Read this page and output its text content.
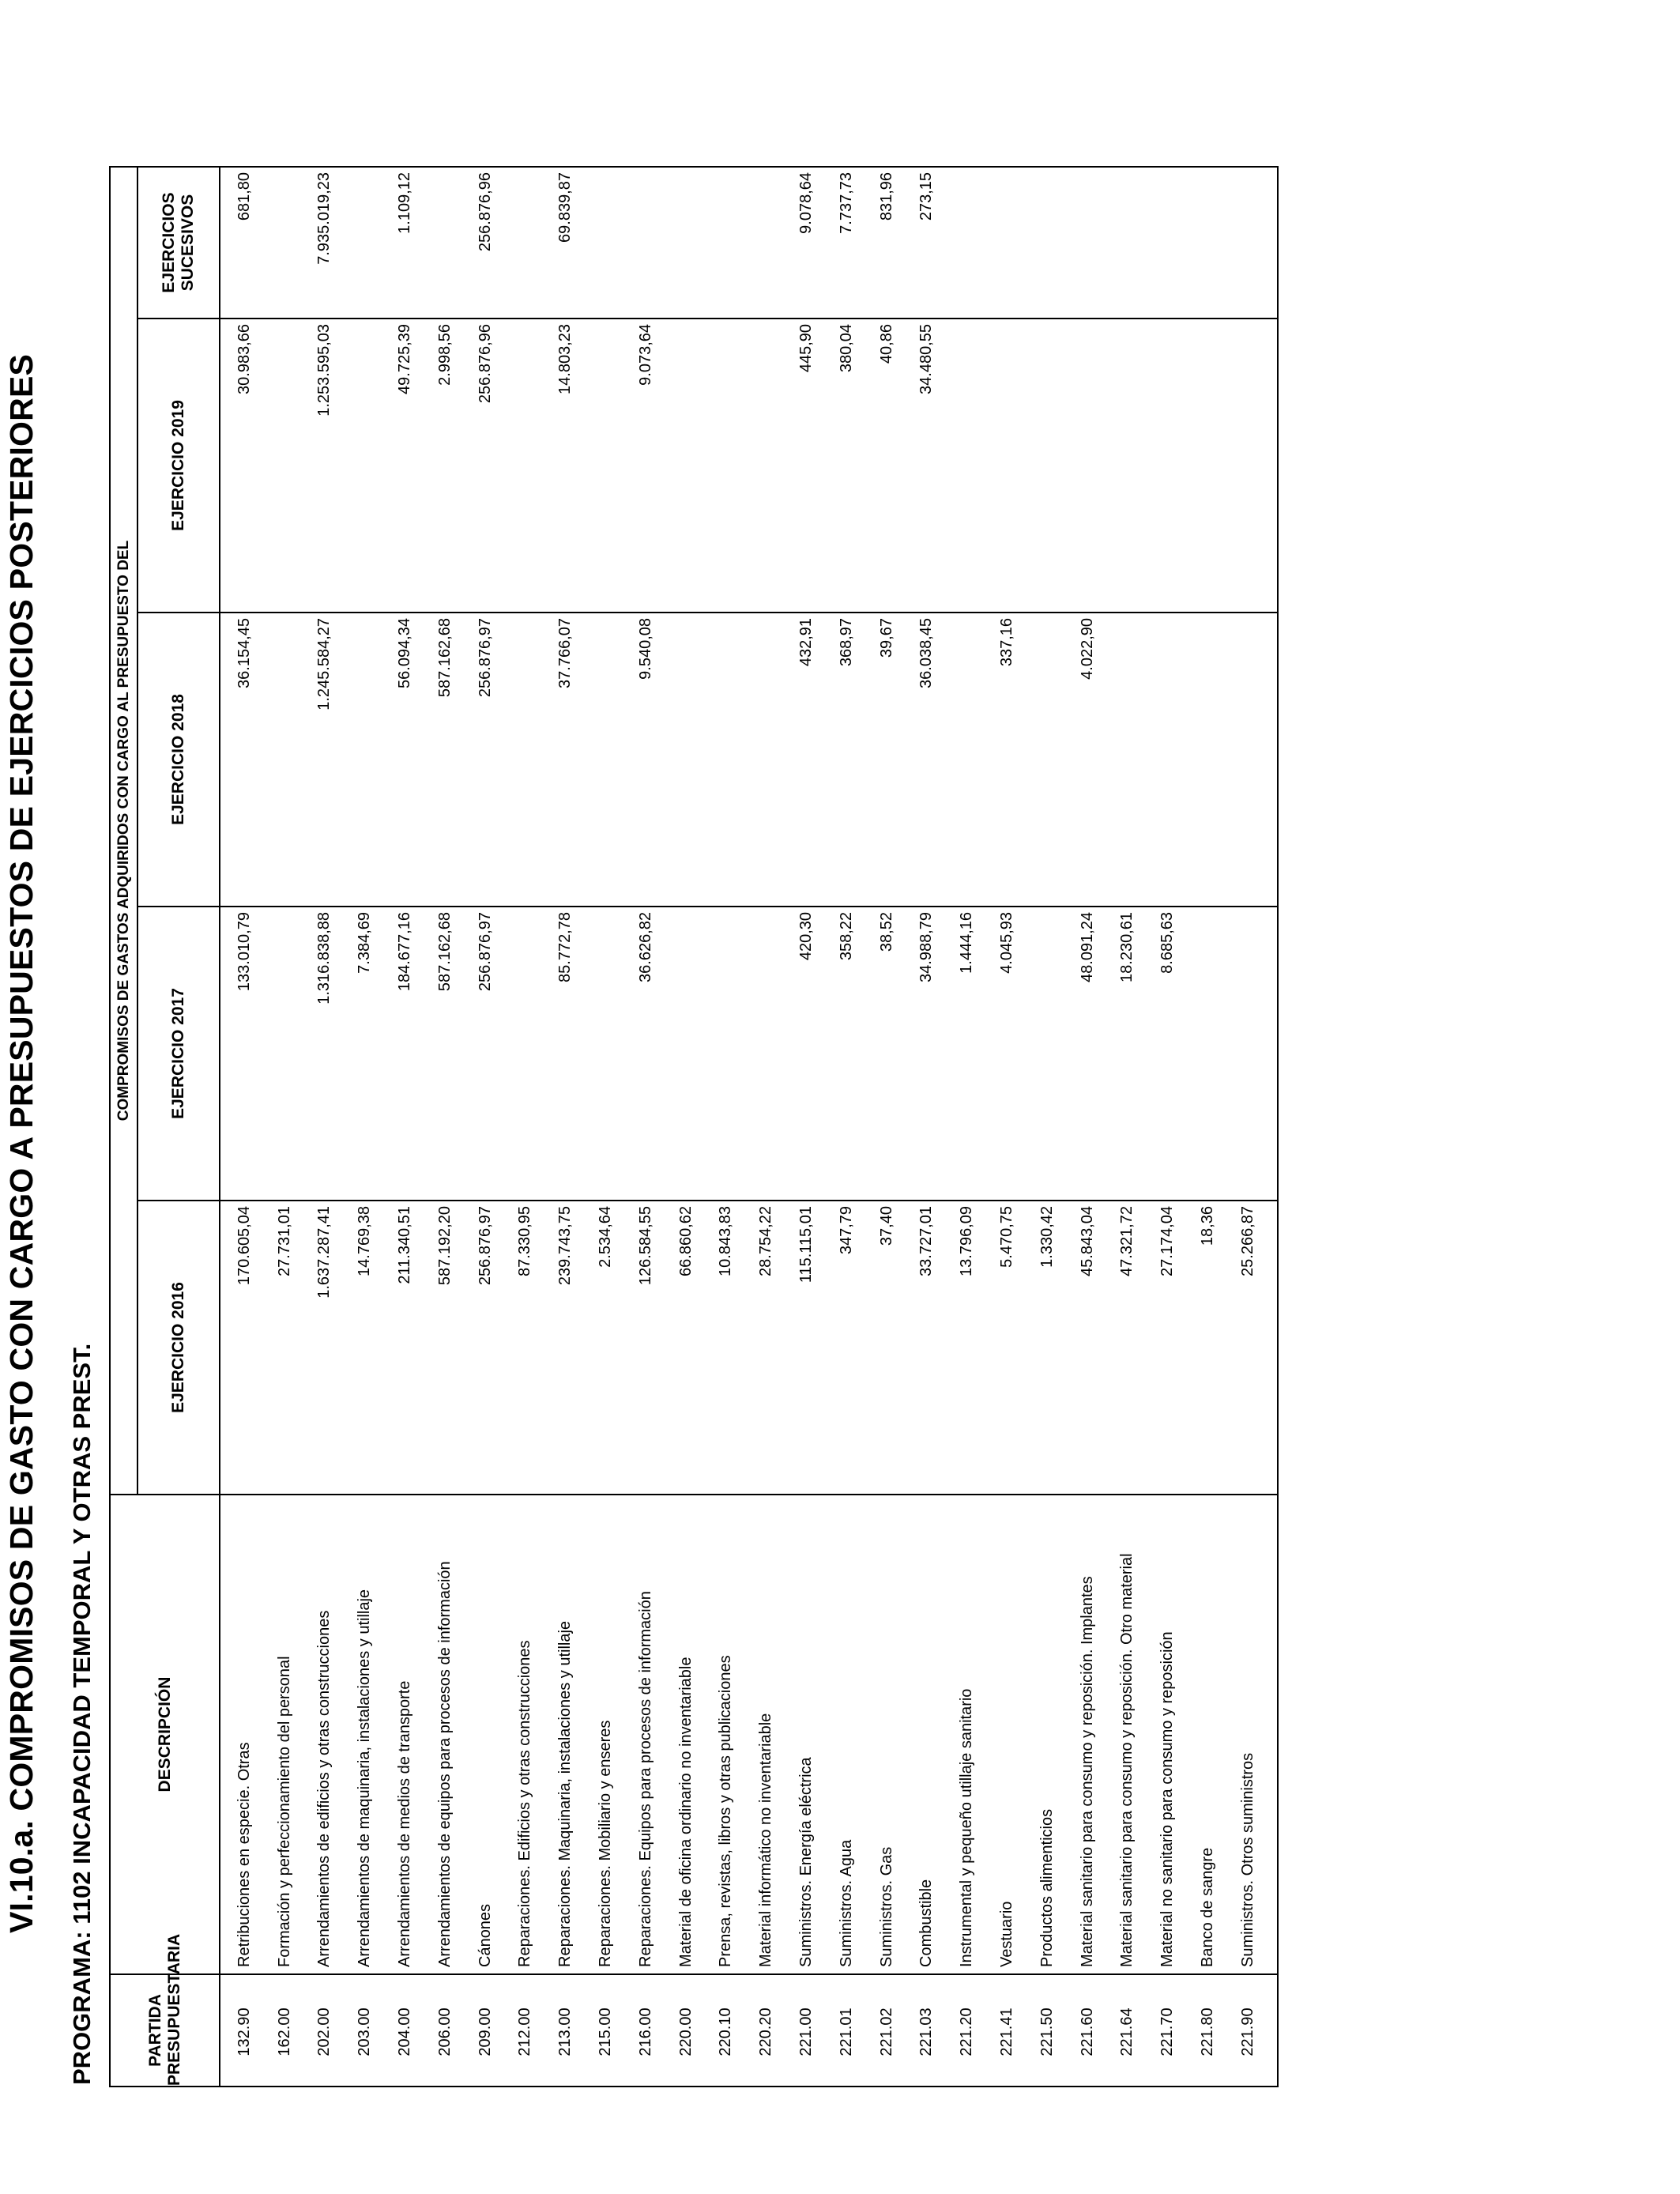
VI.10.a. COMPROMISOS DE GASTO CON CARGO A PRESUPUESTOS DE EJERCICIOS POSTERIORES PROGRAMA: 1102 INCAPACIDAD TEMPORAL Y OTRAS PREST.	PARTIDA PRESUPUESTARIA	DESCRIPCIÓN	COMPROMISOS DE GASTOS ADQUIRIDOS CON CARGO AL PRESUPUESTO DEL				
		EJERCICIO 2016	EJERCICIO 2017	EJERCICIO 2018	EJERCICIO 2019	EJERCICIOS SUCESIVOS
132.90	Retribuciones en especie. Otras	170.605,04	133.010,79	36.154,45	30.983,66	681,80
162.00	Formación y perfeccionamiento del personal	27.731,01				
202.00	Arrendamientos de edificios y otras construcciones	1.637.287,41	1.316.838,88	1.245.584,27	1.253.595,03	7.935.019,23
203.00	Arrendamientos de maquinaria, instalaciones y utillaje	14.769,38	7.384,69			
204.00	Arrendamientos de medios de transporte	211.340,51	184.677,16	56.094,34	49.725,39	1.109,12
206.00	Arrendamientos de equipos para procesos de información	587.192,20	587.162,68	587.162,68	2.998,56	
209.00	Cánones	256.876,97	256.876,97	256.876,97	256.876,96	256.876,96
212.00	Reparaciones. Edificios y otras construcciones	87.330,95				
213.00	Reparaciones. Maquinaria, instalaciones y utillaje	239.743,75	85.772,78	37.766,07	14.803,23	69.839,87
215.00	Reparaciones. Mobiliario y enseres	2.534,64				
216.00	Reparaciones. Equipos para procesos de información	126.584,55	36.626,82	9.540,08	9.073,64	
220.00	Material de oficina ordinario no inventariable	66.860,62				
220.10	Prensa, revistas, libros y otras publicaciones	10.843,83				
220.20	Material informático no inventariable	28.754,22				
221.00	Suministros. Energía eléctrica	115.115,01	420,30	432,91	445,90	9.078,64
221.01	Suministros. Agua	347,79	358,22	368,97	380,04	7.737,73
221.02	Suministros. Gas	37,40	38,52	39,67	40,86	831,96
221.03	Combustible	33.727,01	34.988,79	36.038,45	34.480,55	273,15
221.20	Instrumental y pequeño utillaje sanitario	13.796,09	1.444,16			
221.41	Vestuario	5.470,75	4.045,93	337,16		
221.50	Productos alimenticios	1.330,42				
221.60	Material sanitario para consumo y reposición. Implantes	45.843,04	48.091,24	4.022,90		
221.64	Material sanitario para consumo y reposición. Otro material	47.321,72	18.230,61			
221.70	Material no sanitario para consumo y reposición	27.174,04	8.685,63			
221.80	Banco de sangre	18,36				
221.90	Suministros. Otros suministros	25.266,87				
